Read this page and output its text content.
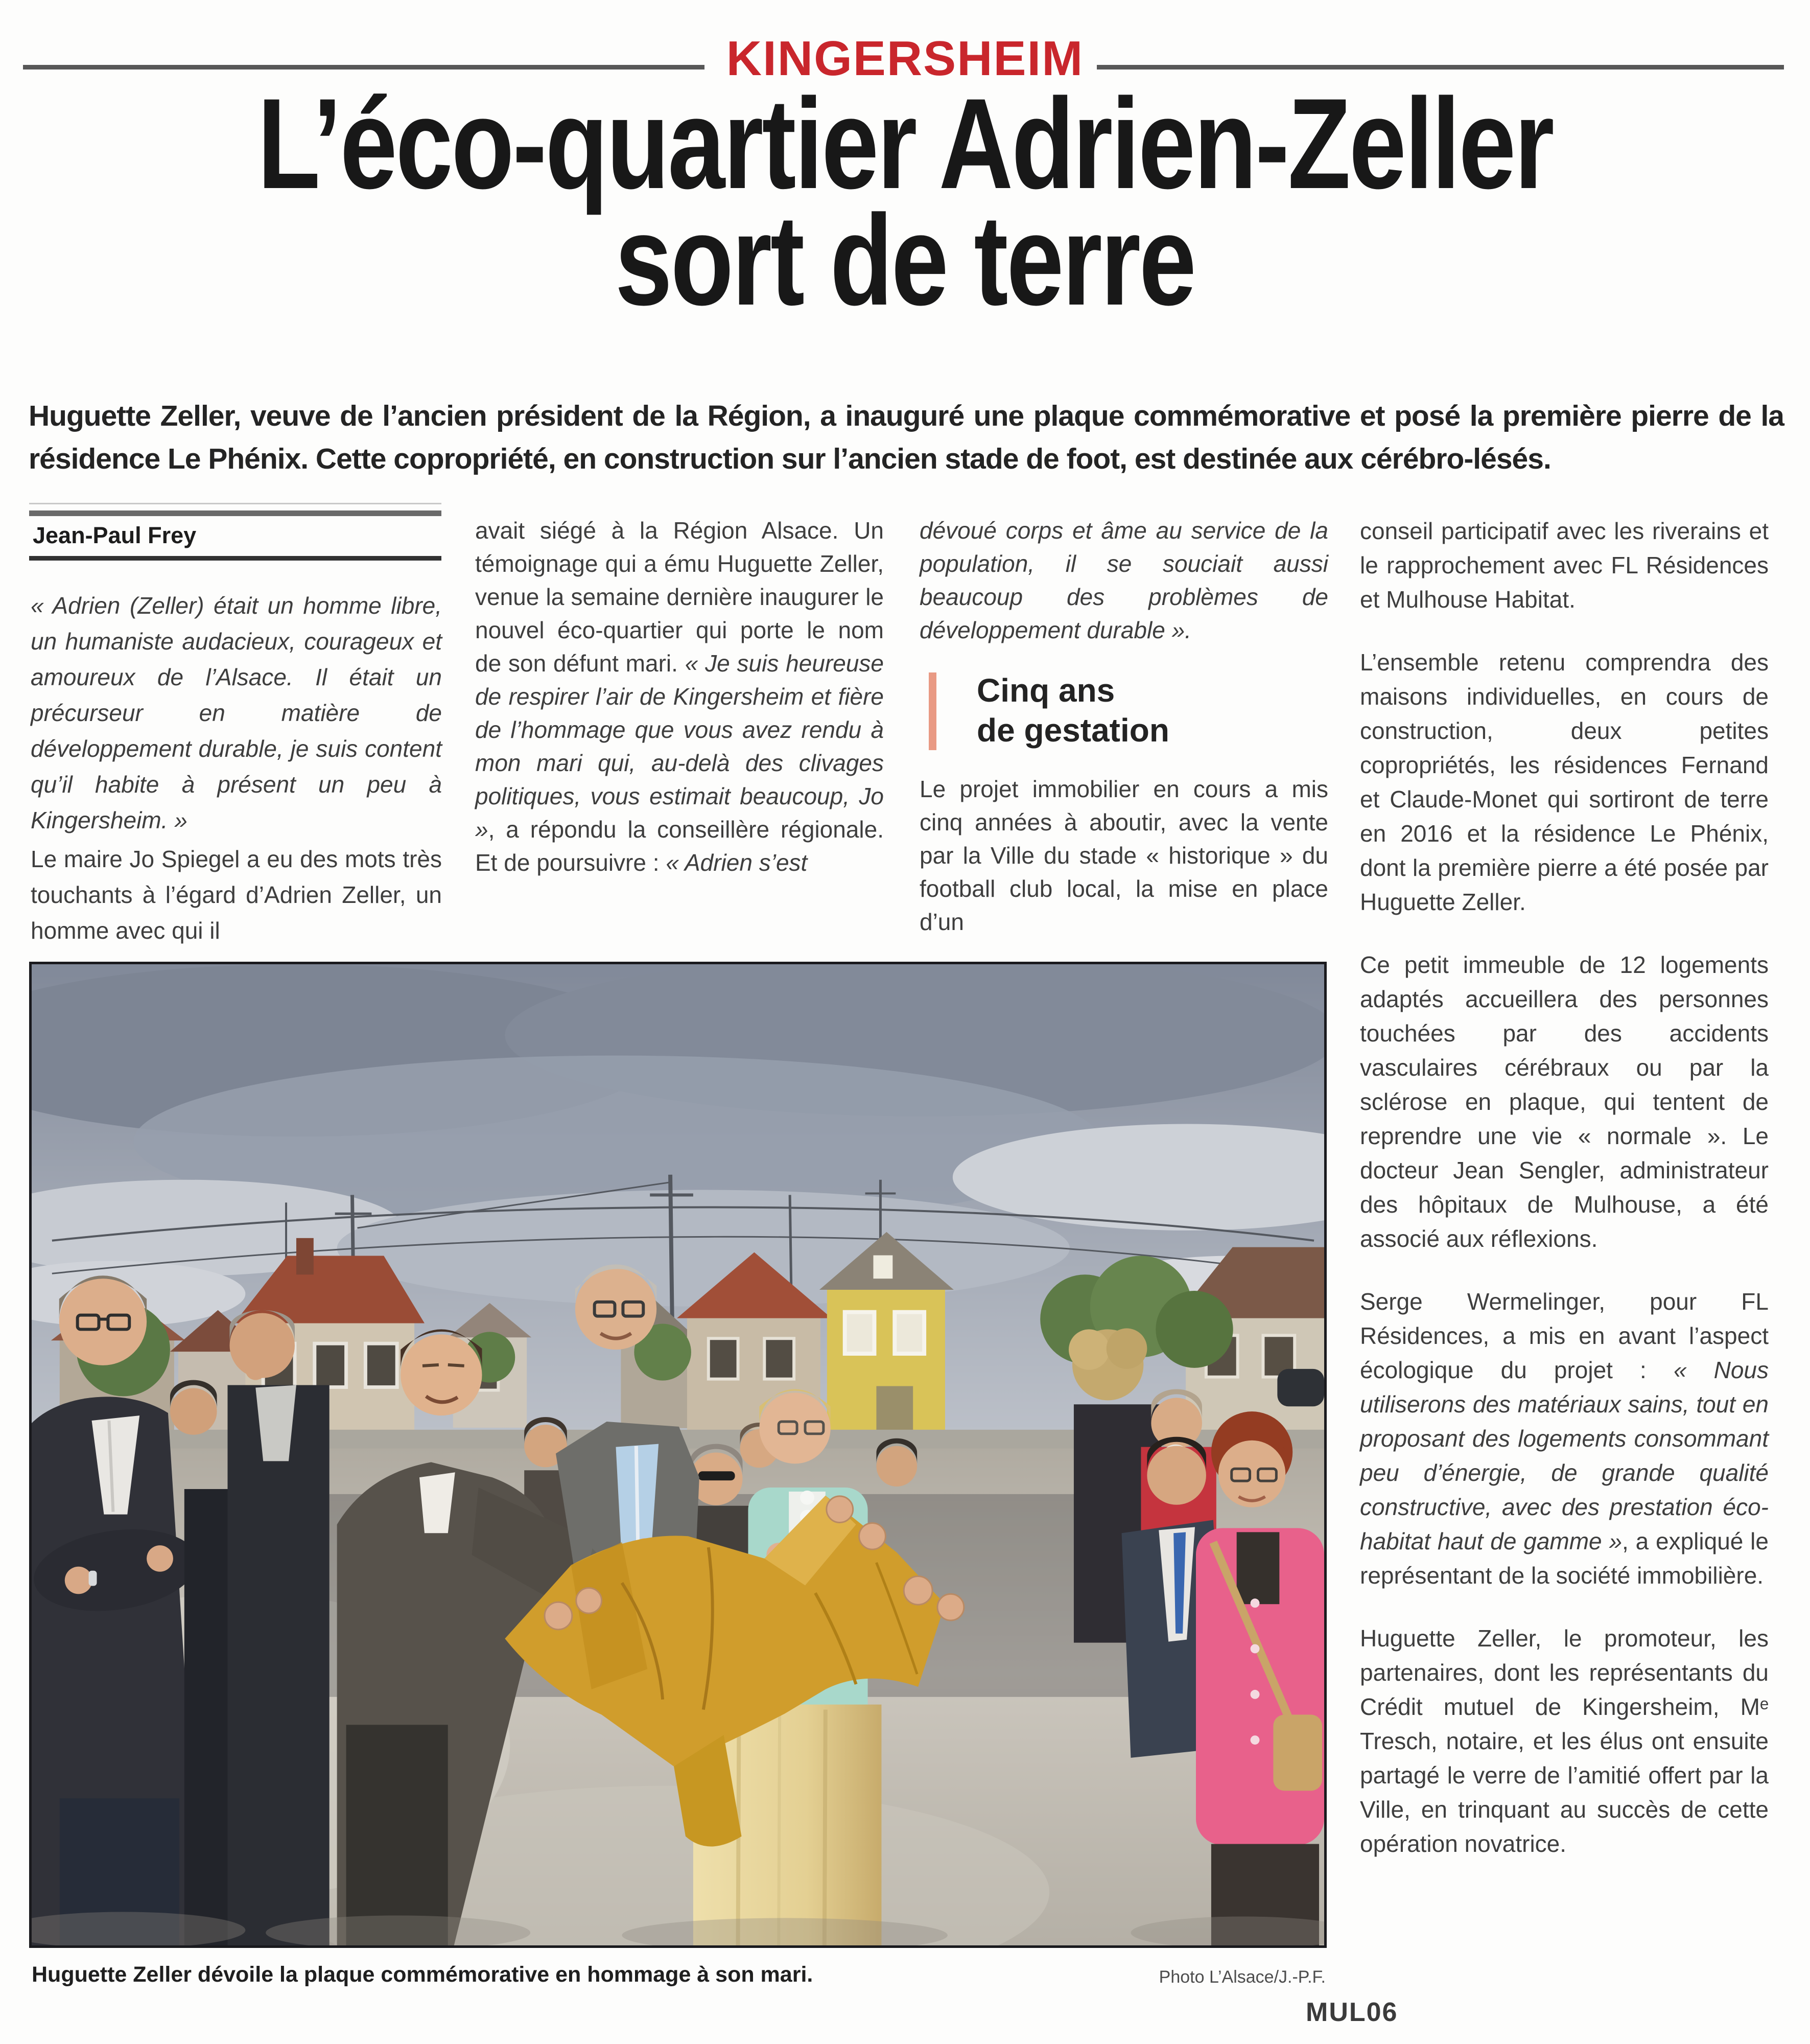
KINGERSHEIM
L’éco-quartier Adrien-Zeller
sort de terre
Huguette Zeller, veuve de l’ancien président de la Région, a inauguré une plaque commémorative et posé la première pierre de la résidence Le Phénix. Cette copropriété, en construction sur l’ancien stade de foot, est destinée aux cérébro-lésés.
Jean-Paul Frey
« Adrien (Zeller) était un homme libre, un humaniste audacieux, courageux et amoureux de l’Alsace. Il était un précurseur en matière de développement durable, je suis content qu’il habite à présent un peu à Kingersheim. »
Le maire Jo Spiegel a eu des mots très touchants à l’égard d’Adrien Zeller, un homme avec qui il
avait siégé à la Région Alsace. Un témoignage qui a ému Huguette Zeller, venue la semaine dernière inaugurer le nouvel éco-quartier qui porte le nom de son défunt mari. « Je suis heureuse de respirer l’air de Kingersheim et fière de l’hommage que vous avez rendu à mon mari qui, au-delà des clivages politiques, vous estimait beaucoup, Jo », a répondu la conseillère régionale. Et de poursuivre : « Adrien s’est
dévoué corps et âme au service de la population, il se souciait aussi beaucoup des problèmes de développement durable ».
Cinq ans
de gestation
Le projet immobilier en cours a mis cinq années à aboutir, avec la vente par la Ville du stade « historique » du football club local, la mise en place d’un

conseil participatif avec les riverains et le rapprochement avec FL Résidences et Mulhouse Habitat.

L’ensemble retenu comprendra des maisons individuelles, en cours de construction, deux petites copropriétés, les résidences Fernand et Claude-Monet qui sortiront de terre en 2016 et la résidence Le Phénix, dont la première pierre a été posée par Huguette Zeller.

Ce petit immeuble de 12 logements adaptés accueillera des personnes touchées par des accidents vasculaires cérébraux ou par la sclérose en plaque, qui tentent de reprendre une vie « normale ». Le docteur Jean Sengler, administrateur des hôpitaux de Mulhouse, a été associé aux réflexions.

Serge Wermelinger, pour FL Résidences, a mis en avant l’aspect écologique du projet : « Nous utiliserons des matériaux sains, tout en proposant des logements consommant peu d’énergie, de grande qualité constructive, avec des prestation éco-habitat haut de gamme », a expliqué le représentant de la société immobilière.

Huguette Zeller, le promoteur, les partenaires, dont les représentants du Crédit mutuel de Kingersheim, Mᵉ Tresch, notaire, et les élus ont ensuite partagé le verre de l’amitié offert par la Ville, en trinquant au succès de cette opération novatrice.

Huguette Zeller dévoile la plaque commémorative en hommage à son mari.	Photo L’Alsace/J.-P.F.
MUL06
